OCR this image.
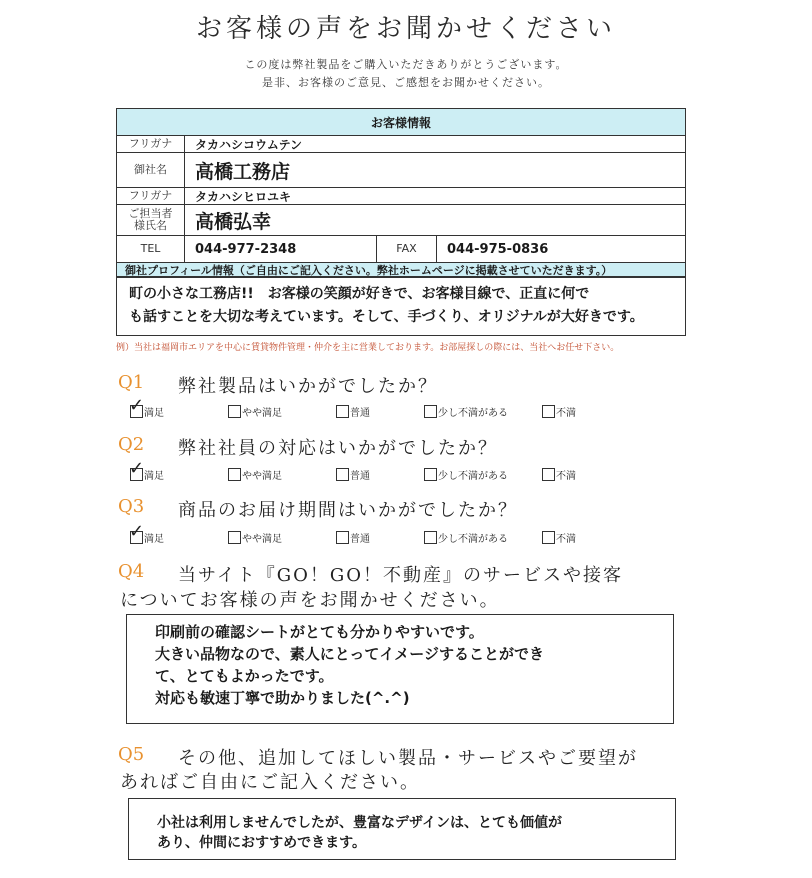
お客様の声をお聞かせください
この度は弊社製品をご購入いただきありがとうございます。
是非、お客様のご意見、ご感想をお聞かせください。
お客様情報
フリガナ	タカハシコウムテン
御社名	高橋工務店
フリガナ	タカハシヒロユキ
ご担当者
様氏名	高橋弘幸
TEL	044-977-2348	FAX	044-975-0836
御社プロフィール情報（ご自由にご記入ください。弊社ホームページに掲載させていただきます。）
町の小さな工務店!!　お客様の笑顔が好きで、お客様目線で、正直に何で
も話すことを大切な考えています。そして、手づくり、オリジナルが大好きです。
例）当社は福岡市エリアを中心に賃貸物件管理・仲介を主に営業しております。お部屋探しの際には、当社へお任せ下さい。
Q1 弊社製品はいかがでしたか？
✓ 満足	やや満足	普通	少し不満がある	不満
Q2 弊社社員の対応はいかがでしたか？
✓ 満足	やや満足	普通	少し不満がある	不満
Q3 商品のお届け期間はいかがでしたか？
✓ 満足	やや満足	普通	少し不満がある	不満
Q4 当サイト『GO！GO！不動産』のサービスや接客
についてお客様の声をお聞かせください。
印刷前の確認シートがとても分かりやすいです。
大きい品物なので、素人にとってイメージすることができ
て、とてもよかったです。
対応も敏速丁寧で助かりました(^.^)
Q5 その他、追加してほしい製品・サービスやご要望が
あればご自由にご記入ください。
小社は利用しませんでしたが、豊富なデザインは、とても価値が
あり、仲間におすすめできます。
